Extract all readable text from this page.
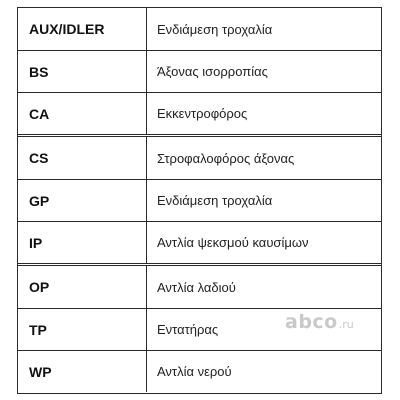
AUX/IDLER	Ενδιάμεση τροχαλία
BS	Άξονας ισορροπίας
CA	Εκκεντροφόρος
CS	Στροφαλοφόρος άξονας
GP	Ενδιάμεση τροχαλία
IP	Αντλία ψεκσμού καυσίμων
OP	Αντλία λαδιού
TP	Εντατήρας
WP	Αντλία νερού
abco .ru
